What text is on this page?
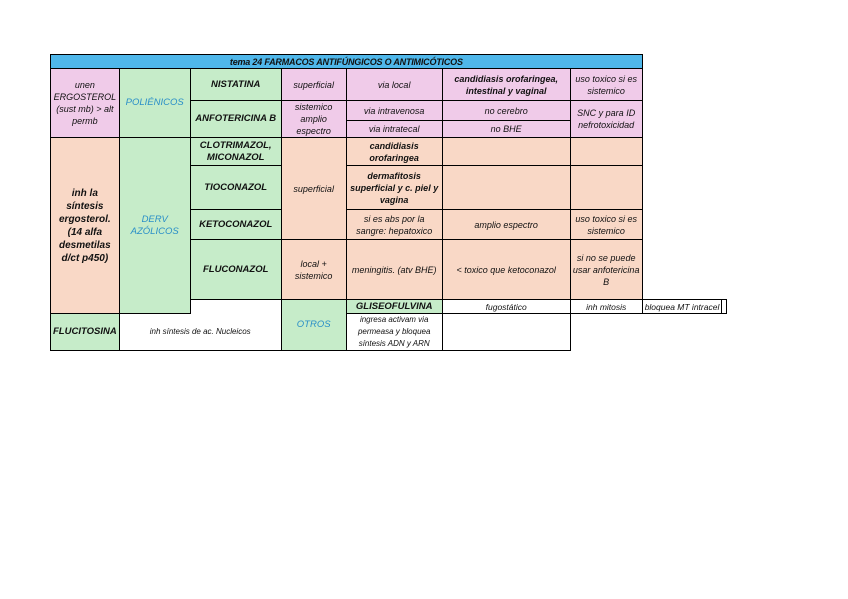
tema 24 FARMACOS ANTIFÚNGICOS O ANTIMICÓTICOS								
unen ERGOSTEROL (sust mb) > alt permb	POLIÉNICOS	NISTATINA	superficial	via local	candidiasis orofaringea, intestinal y vaginal	uso toxico si es sistemico		
		ANFOTERICINA B	sistemico amplio espectro	via intravenosa	no cerebro	SNC y para ID nefrotoxicidad		
				via intratecal	no BHE			
inh la síntesis ergosterol. (14 alfa desmetilas d/ct p450)	DERV AZÓLICOS	CLOTRIMAZOL, MICONAZOL	superficial	candidiasis orofaringea				
		TIOCONAZOL		dermafitosis superficial y c. piel y vagina				
		KETOCONAZOL		si es abs por la sangre: hepatoxico	amplio espectro	uso toxico si es sistemico		
		FLUCONAZOL	local + sistemico	meningitis. (atv BHE)	< toxico que ketoconazol	si no se puede usar anfotericina B		
			OTROS	GLISEOFULVINA	fugostático	inh mitosis	bloquea MT intracel	
FLUCITOSINA	inh síntesis de ac. Nucleicos			ingresa activam via permeasa y bloquea síntesis ADN y ARN				
